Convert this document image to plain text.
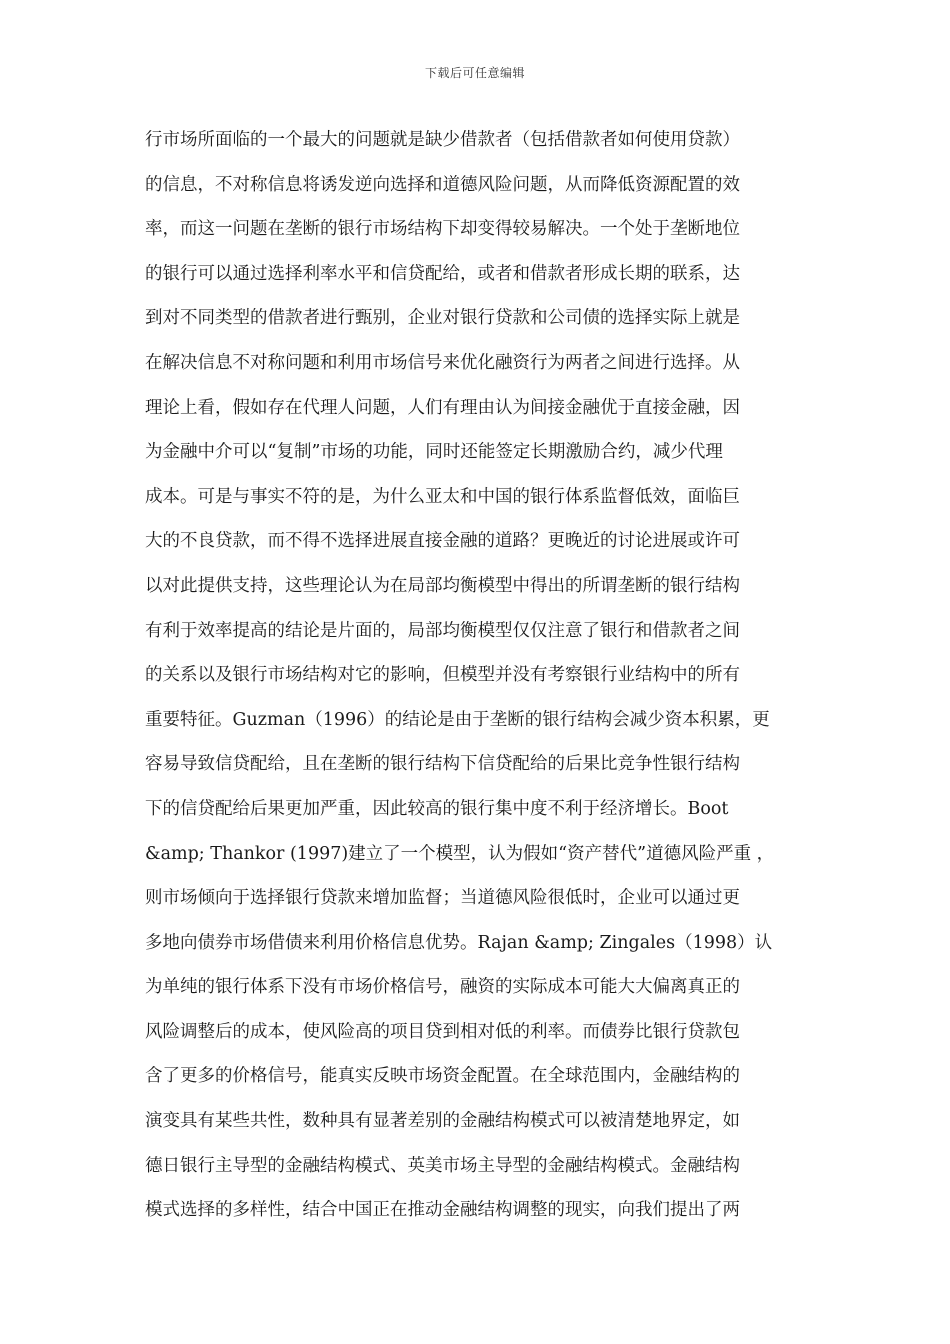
下载后可任意编辑
行市场所面临的一个最大的问题就是缺少借款者（包括借款者如何使用贷款）
的信息，不对称信息将诱发逆向选择和道德风险问题，从而降低资源配置的效
率，而这一问题在垄断的银行市场结构下却变得较易解决。一个处于垄断地位
的银行可以通过选择利率水平和信贷配给，或者和借款者形成长期的联系，达
到对不同类型的借款者进行甄别，企业对银行贷款和公司债的选择实际上就是
在解决信息不对称问题和利用市场信号来优化融资行为两者之间进行选择。从
理论上看，假如存在代理人问题，人们有理由认为间接金融优于直接金融，因
为金融中介可以“复制”市场的功能，同时还能签定长期激励合约，减少代理
成本。可是与事实不符的是，为什么亚太和中国的银行体系监督低效，面临巨
大的不良贷款，而不得不选择进展直接金融的道路？更晚近的讨论进展或许可
以对此提供支持，这些理论认为在局部均衡模型中得出的所谓垄断的银行结构
有利于效率提高的结论是片面的，局部均衡模型仅仅注意了银行和借款者之间
的关系以及银行市场结构对它的影响，但模型并没有考察银行业结构中的所有
重要特征。Guzman（1996）的结论是由于垄断的银行结构会减少资本积累，更
容易导致信贷配给，且在垄断的银行结构下信贷配给的后果比竞争性银行结构
下的信贷配给后果更加严重，因此较高的银行集中度不利于经济增长。Boot
&amp; Thankor (1997)建立了一个模型，认为假如“资产替代”道德风险严重 ，
则市场倾向于选择银行贷款来增加监督；当道德风险很低时，企业可以通过更
多地向债券市场借债来利用价格信息优势。Rajan &amp; Zingales（1998）认
为单纯的银行体系下没有市场价格信号，融资的实际成本可能大大偏离真正的
风险调整后的成本，使风险高的项目贷到相对低的利率。而债券比银行贷款包
含了更多的价格信号，能真实反映市场资金配置。在全球范围内，金融结构的
演变具有某些共性，数种具有显著差别的金融结构模式可以被清楚地界定，如
德日银行主导型的金融结构模式、英美市场主导型的金融结构模式。金融结构
模式选择的多样性，结合中国正在推动金融结构调整的现实，向我们提出了两
